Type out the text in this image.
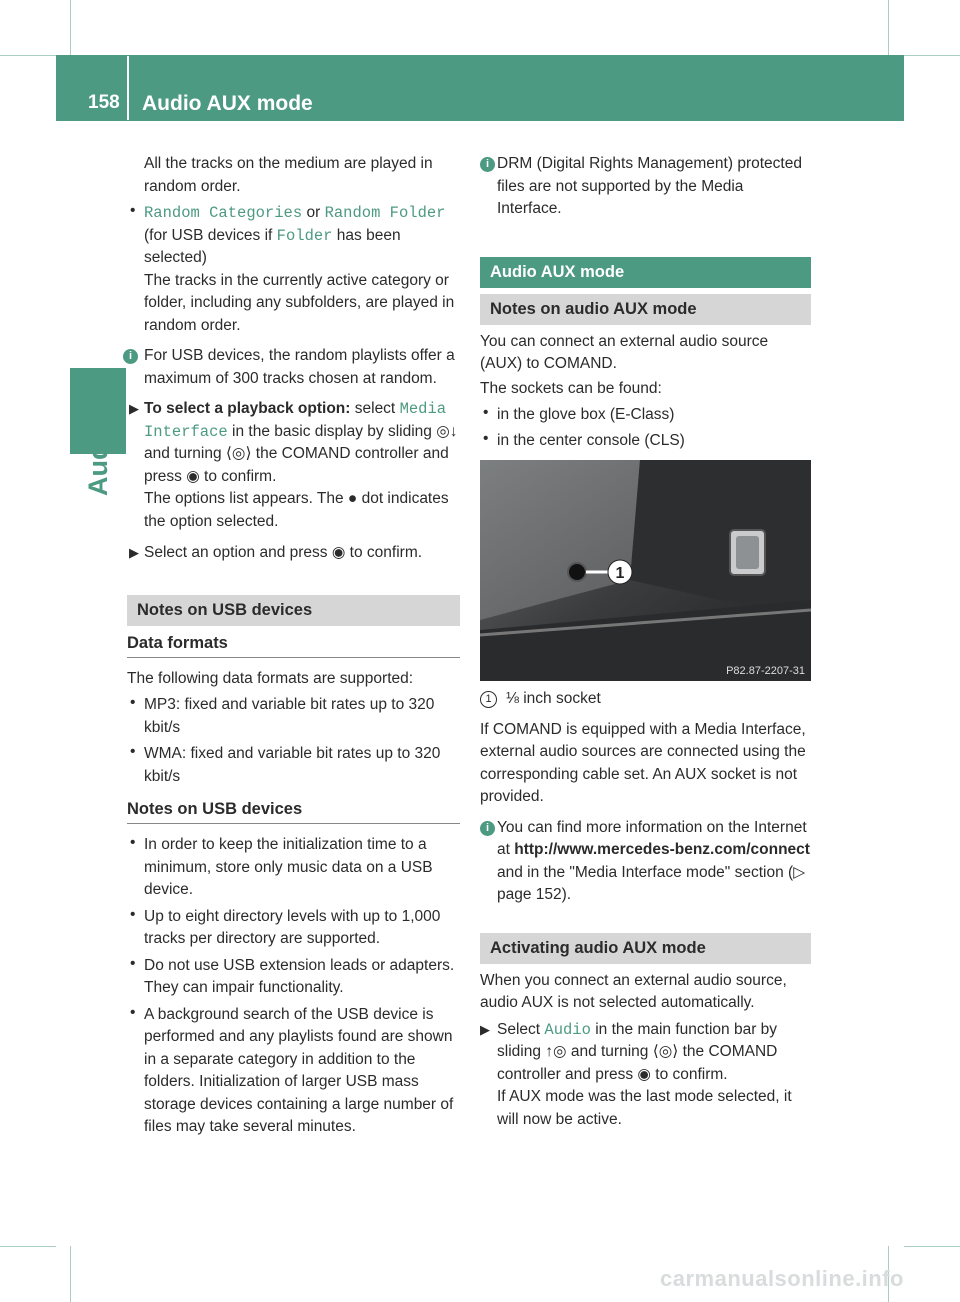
158 Audio AUX mode
Audio

All the tracks on the medium are played in random order.

• Random Categories or Random Folder (for USB devices if Folder has been selected)

The tracks in the currently active category or folder, including any subfolders, are played in random order.

i For USB devices, the random playlists offer a maximum of 300 tracks chosen at random.

▶ To select a playback option: select Media Interface in the basic display by sliding ◎↓ and turning ⟨◎⟩ the COMAND controller and press ◉ to confirm.

The options list appears. The ● dot indicates the option selected.

▶ Select an option and press ◉ to confirm.

Notes on USB devices
Data formats

The following data formats are supported:

• MP3: fixed and variable bit rates up to 320 kbit/s

• WMA: fixed and variable bit rates up to 320 kbit/s

Notes on USB devices
• In order to keep the initialization time to a minimum, store only music data on a USB device.

• Up to eight directory levels with up to 1,000 tracks per directory are supported.

• Do not use USB extension leads or adapters. They can impair functionality.

• A background search of the USB device is performed and any playlists found are shown in a separate category in addition to the folders. Initialization of larger USB mass storage devices containing a large number of files may take several minutes.

i DRM (Digital Rights Management) protected files are not supported by the Media Interface.

Audio AUX mode
Notes on audio AUX mode

You can connect an external audio source (AUX) to COMAND.

The sockets can be found:

• in the glove box (E-Class)

• in the center console (CLS)

1
P82.87-2207-31
1 ⅛ inch socket

If COMAND is equipped with a Media Interface, external audio sources are connected using the corresponding cable set. An AUX socket is not provided.

i You can find more information on the Internet at http://www.mercedes-benz.com/connect and in the "Media Interface mode" section (▷ page 152).

Activating audio AUX mode

When you connect an external audio source, audio AUX is not selected automatically.

▶ Select Audio in the main function bar by sliding ↑◎ and turning ⟨◎⟩ the COMAND controller and press ◉ to confirm.

If AUX mode was the last mode selected, it will now be active.

carmanualsonline.info
